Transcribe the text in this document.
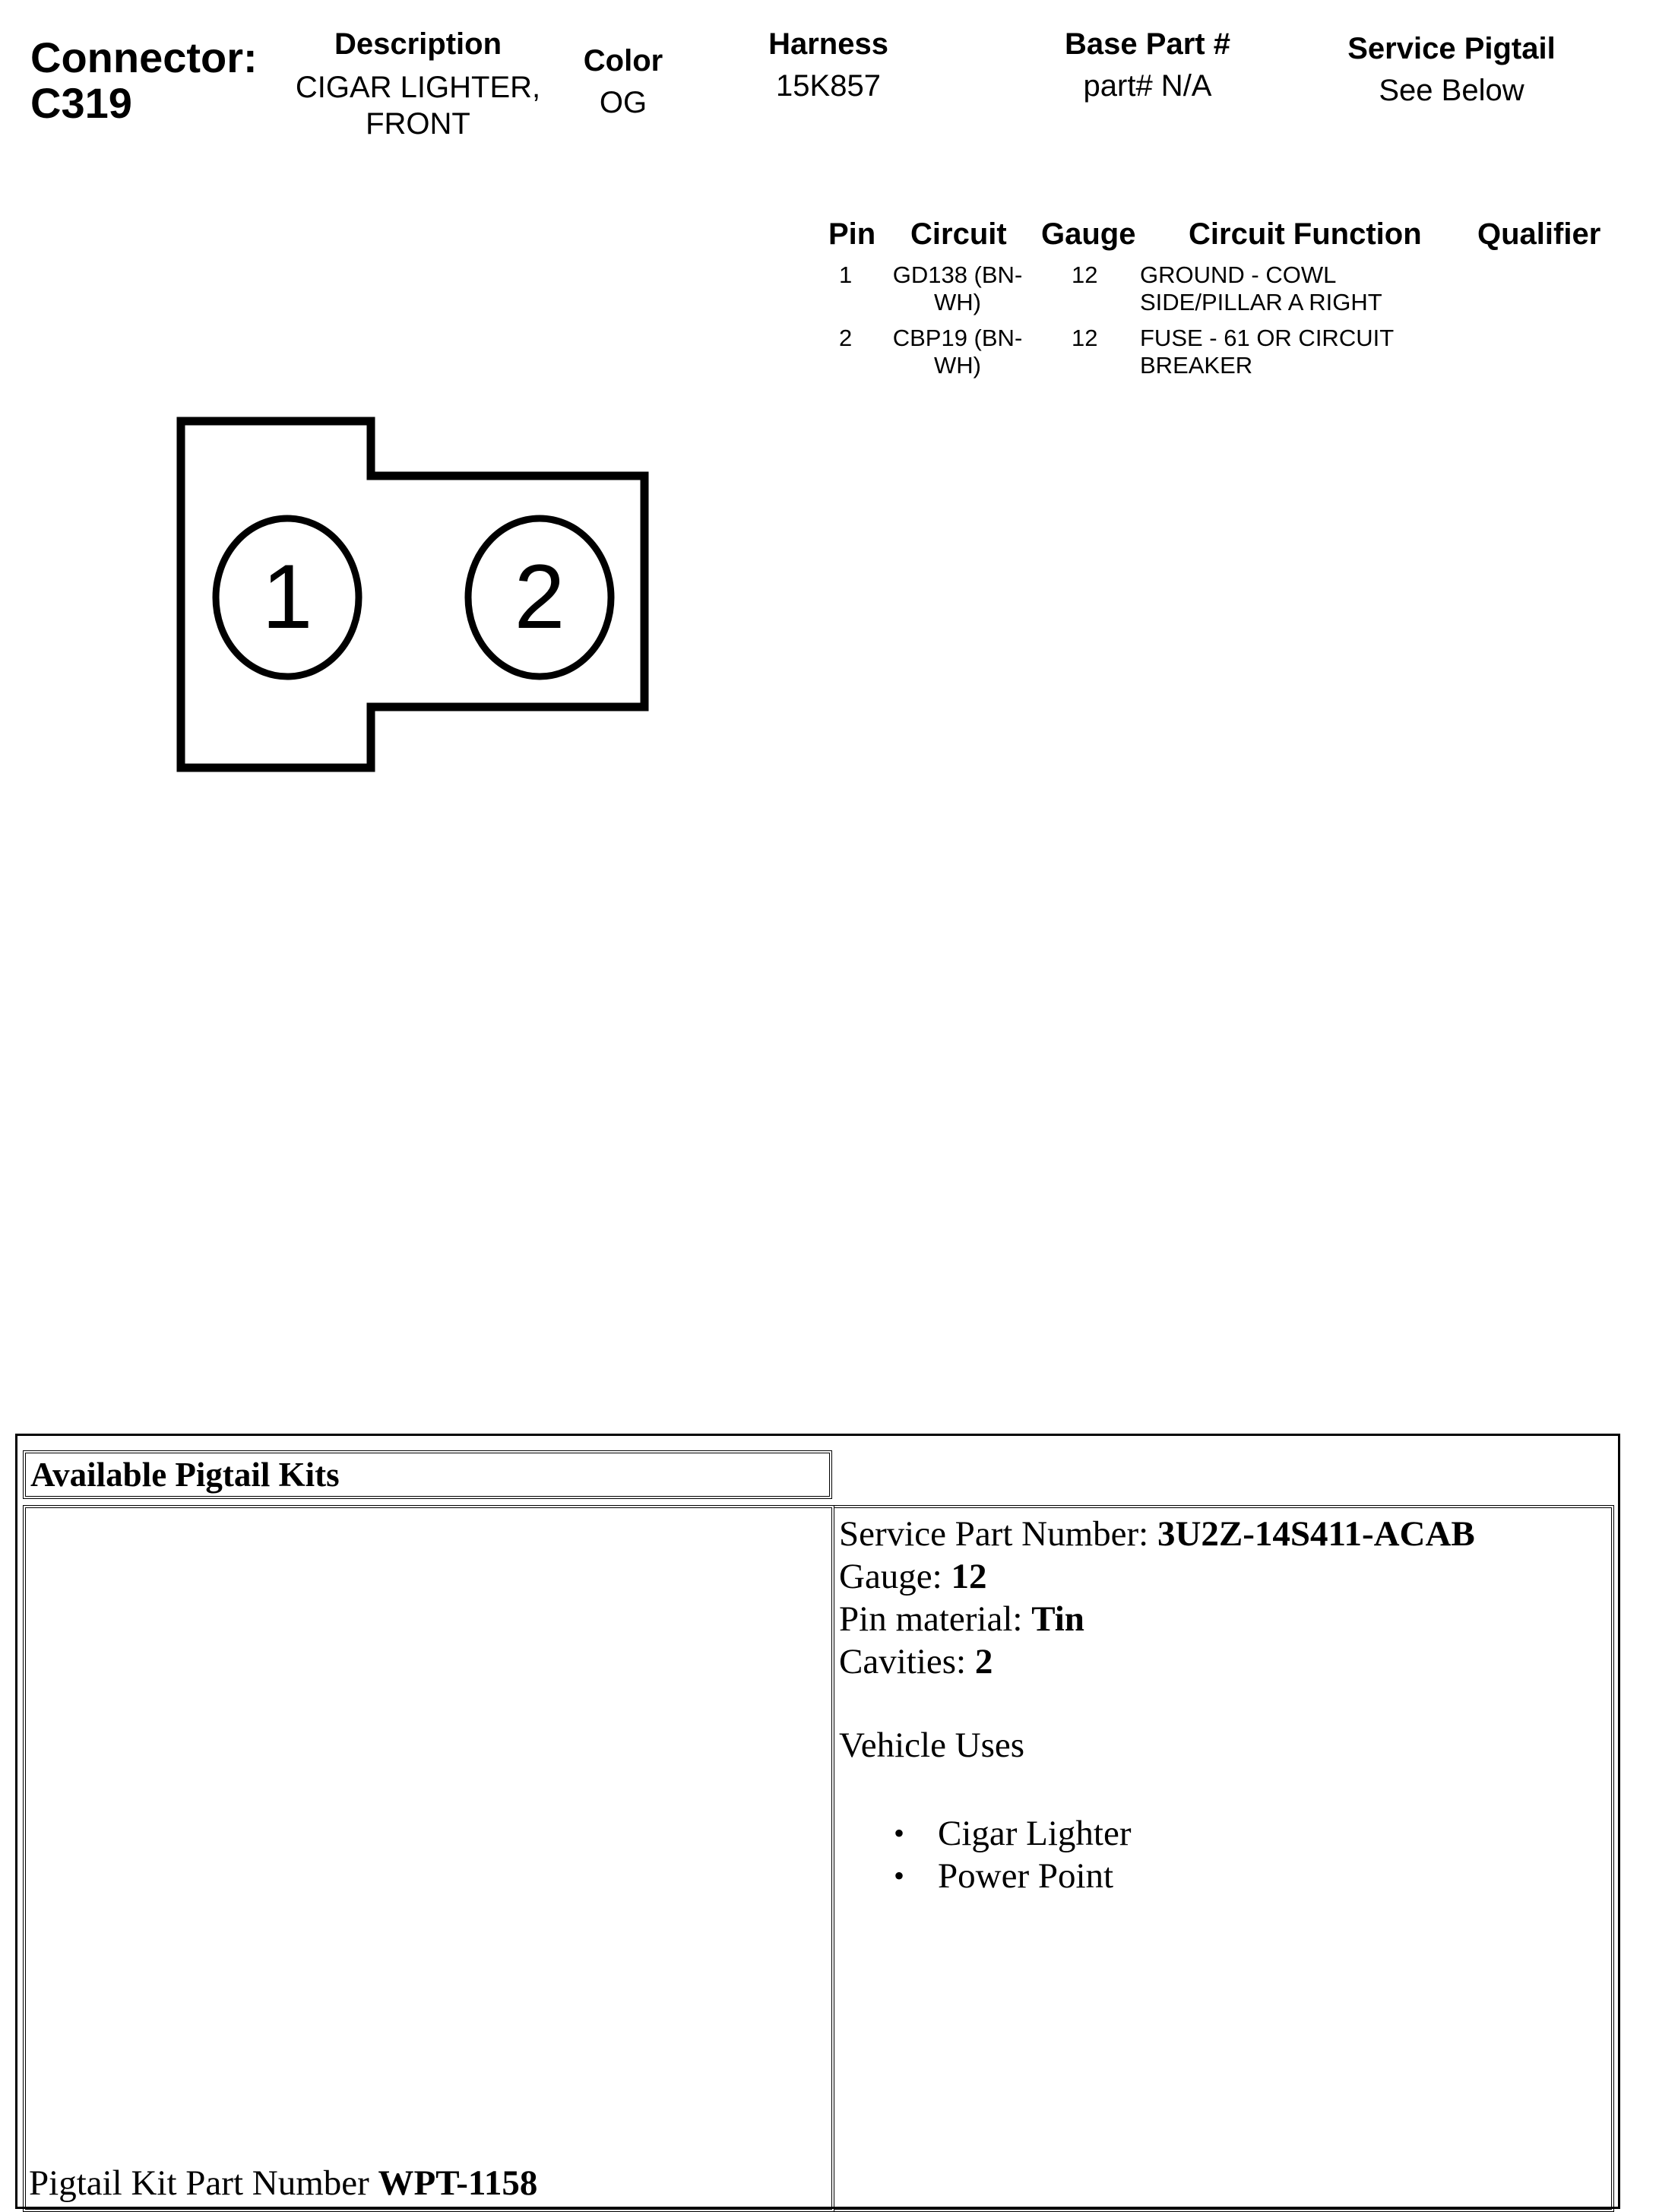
Connector:
C319
Description
CIGAR LIGHTER,
FRONT
Color
OG
Harness
15K857
Base Part #
part# N/A
Service Pigtail
See Below
Pin Circuit Gauge Circuit Function Qualifier
1	GD138 (BN-
WH)
12 GROUND - COWL
SIDE/PILLAR A RIGHT
2	CBP19 (BN-
WH)
12 FUSE - 61 OR CIRCUIT
BREAKER
1 2
Available Pigtail Kits
Pigtail Kit Part Number WPT-1158
Service Part Number: 3U2Z-14S411-ACAB
Gauge: 12
Pin material: Tin
Cavities: 2
Vehicle Uses
• Cigar Lighter
• Power Point
